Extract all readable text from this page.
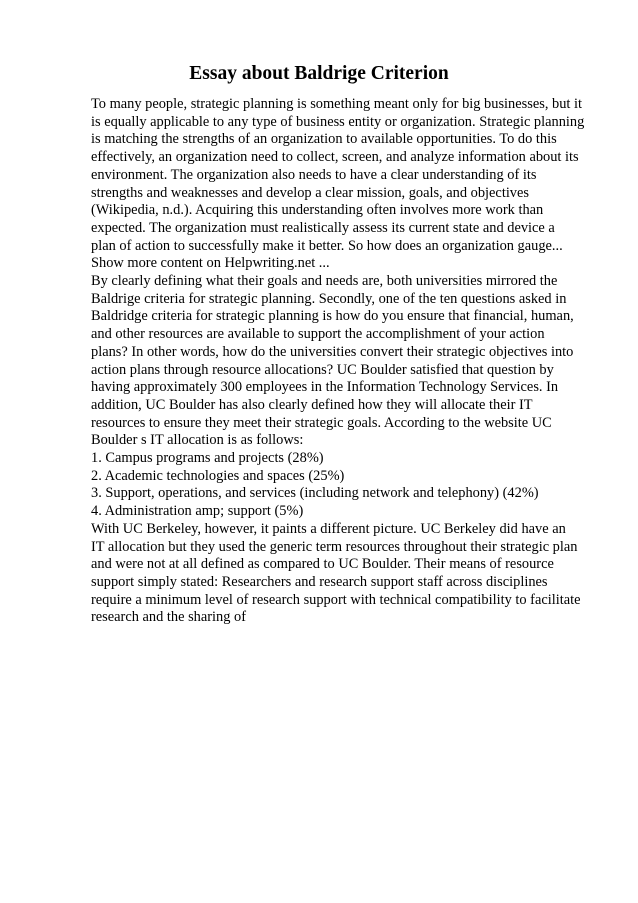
Essay about Baldrige Criterion
To many people, strategic planning is something meant only for big businesses, but it
is equally applicable to any type of business entity or organization. Strategic planning
is matching the strengths of an organization to available opportunities. To do this
effectively, an organization need to collect, screen, and analyze information about its
environment. The organization also needs to have a clear understanding of its
strengths and weaknesses and develop a clear mission, goals, and objectives
(Wikipedia, n.d.). Acquiring this understanding often involves more work than
expected. The organization must realistically assess its current state and device a
plan of action to successfully make it better. So how does an organization gauge...
Show more content on Helpwriting.net ...
By clearly defining what their goals and needs are, both universities mirrored the
Baldrige criteria for strategic planning. Secondly, one of the ten questions asked in
Baldridge criteria for strategic planning is how do you ensure that financial, human,
and other resources are available to support the accomplishment of your action
plans? In other words, how do the universities convert their strategic objectives into
action plans through resource allocations? UC Boulder satisfied that question by
having approximately 300 employees in the Information Technology Services. In
addition, UC Boulder has also clearly defined how they will allocate their IT
resources to ensure they meet their strategic goals. According to the website UC
Boulder s IT allocation is as follows:
1. Campus programs and projects (28%)
2. Academic technologies and spaces (25%)
3. Support, operations, and services (including network and telephony) (42%)
4. Administration amp; support (5%)
With UC Berkeley, however, it paints a different picture. UC Berkeley did have an
IT allocation but they used the generic term resources throughout their strategic plan
and were not at all defined as compared to UC Boulder. Their means of resource
support simply stated: Researchers and research support staff across disciplines
require a minimum level of research support with technical compatibility to facilitate
research and the sharing of
